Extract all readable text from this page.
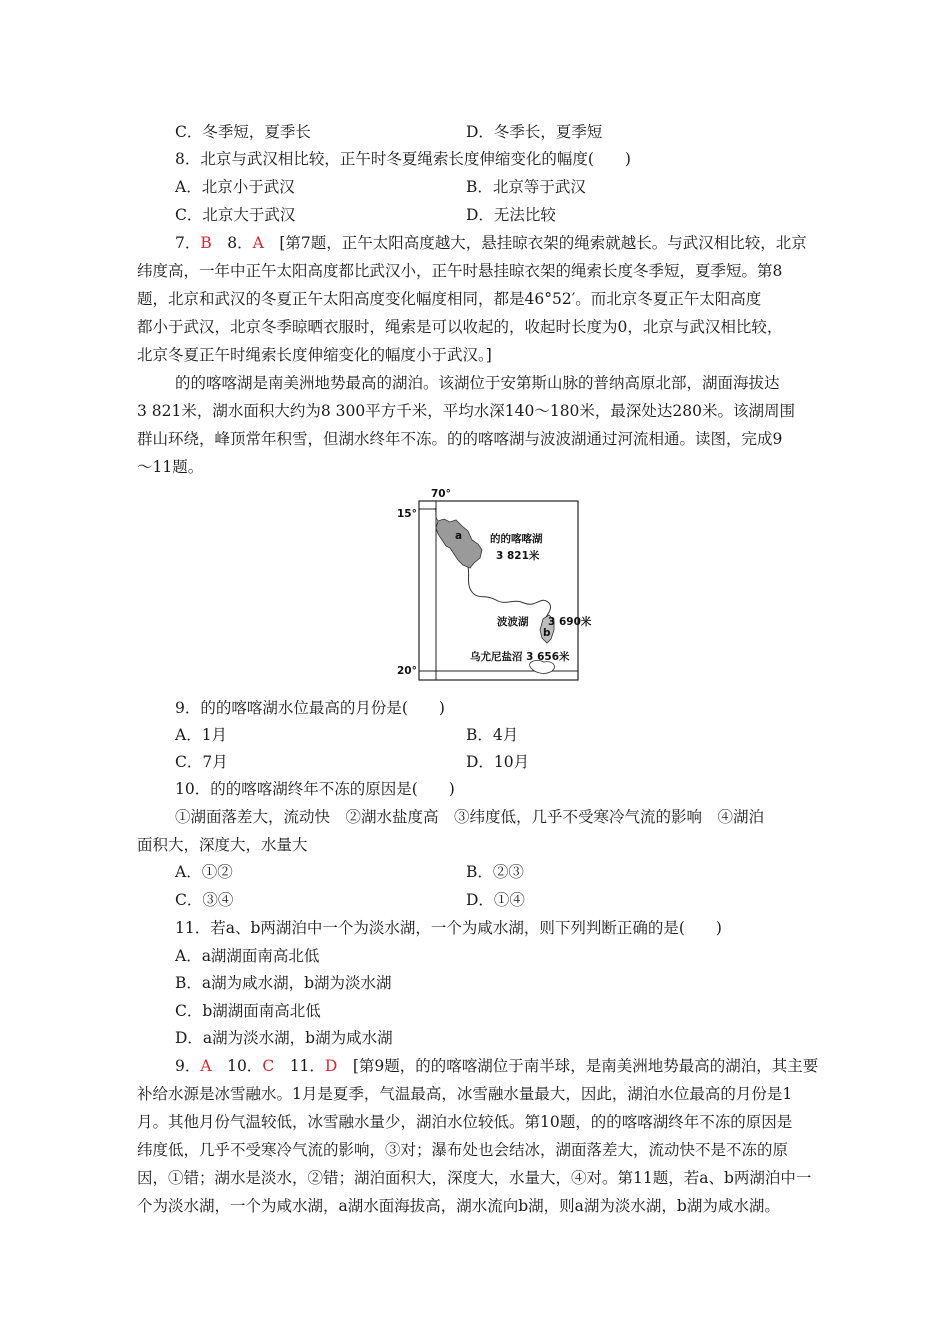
C．冬季短，夏季长	D．冬季长，夏季短
8．北京与武汉相比较，正午时冬夏绳索长度伸缩变化的幅度(　　)
A．北京小于武汉	B．北京等于武汉
C．北京大于武汉	D．无法比较
7．B　8．A　[第7题，正午太阳高度越大，悬挂晾衣架的绳索就越长。与武汉相比较，北京
纬度高，一年中正午太阳高度都比武汉小，正午时悬挂晾衣架的绳索长度冬季短，夏季短。第8
题，北京和武汉的冬夏正午太阳高度变化幅度相同，都是46°52′。而北京冬夏正午太阳高度
都小于武汉，北京冬季晾晒衣服时，绳索是可以收起的，收起时长度为0，北京与武汉相比较，
北京冬夏正午时绳索长度伸缩变化的幅度小于武汉。]
的的喀喀湖是南美洲地势最高的湖泊。该湖位于安第斯山脉的普纳高原北部，湖面海拔达
3 821米，湖水面积大约为8 300平方千米，平均水深140～180米，最深处达280米。该湖周围
群山环绕，峰顶常年积雪，但湖水终年不冻。的的喀喀湖与波波湖通过河流相通。读图，完成9
～11题。
70°
15°
20°
a	的的喀喀湖
3 821米
波波湖
b
3 690米
乌尤尼盐沼 3 656米
9．的的喀喀湖水位最高的月份是(　　)
A．1月	B．4月
C．7月	D．10月
10．的的喀喀湖终年不冻的原因是(　　)
①湖面落差大，流动快　②湖水盐度高　③纬度低，几乎不受寒冷气流的影响　④湖泊
面积大，深度大，水量大
A．①②	B．②③
C．③④	D．①④
11．若a、b两湖泊中一个为淡水湖，一个为咸水湖，则下列判断正确的是(　　)
A．a湖湖面南高北低
B．a湖为咸水湖，b湖为淡水湖
C．b湖湖面南高北低
D．a湖为淡水湖，b湖为咸水湖
9．A　10．C　11．D　[第9题，的的喀喀湖位于南半球，是南美洲地势最高的湖泊，其主要
补给水源是冰雪融水。1月是夏季，气温最高，冰雪融水量最大，因此，湖泊水位最高的月份是1
月。其他月份气温较低，冰雪融水量少，湖泊水位较低。第10题，的的喀喀湖终年不冻的原因是
纬度低，几乎不受寒冷气流的影响，③对；瀑布处也会结冰，湖面落差大，流动快不是不冻的原
因，①错；湖水是淡水，②错；湖泊面积大，深度大，水量大，④对。第11题，若a、b两湖泊中一
个为淡水湖，一个为咸水湖，a湖水面海拔高，湖水流向b湖，则a湖为淡水湖，b湖为咸水湖。
